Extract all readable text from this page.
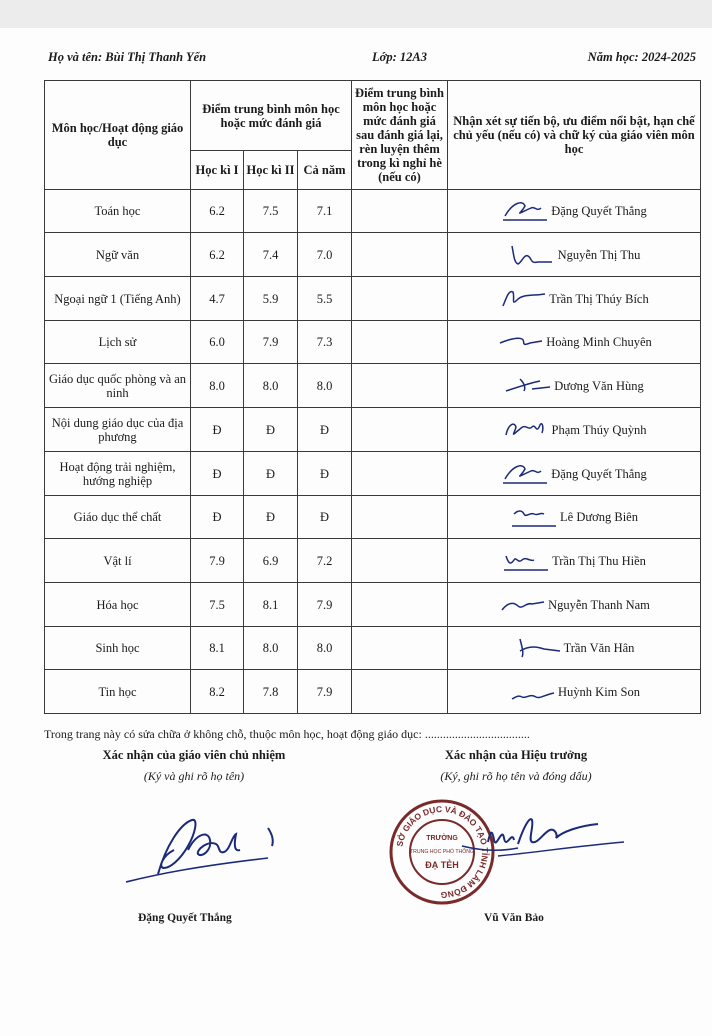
Họ và tên: Bùi Thị Thanh Yến	Lớp: 12A3	Năm học: 2024-2025
Môn học/Hoạt động giáo dục	Điểm trung bình môn học hoặc mức đánh giá			Điểm trung bình môn học hoặc mức đánh giá sau đánh giá lại, rèn luyện thêm trong kì nghỉ hè (nếu có)	Nhận xét sự tiến bộ, ưu điểm nổi bật, hạn chế chủ yếu (nếu có) và chữ ký của giáo viên môn học
	Học kì I	Học kì II	Cả năm		
Toán học	6.2	7.5	7.1		Đặng Quyết Thắng
Ngữ văn	6.2	7.4	7.0		Nguyễn Thị Thu
Ngoại ngữ 1 (Tiếng Anh)	4.7	5.9	5.5		Trần Thị Thúy Bích
Lịch sử	6.0	7.9	7.3		Hoàng Minh Chuyên
Giáo dục quốc phòng và an ninh	8.0	8.0	8.0		Dương Văn Hùng
Nội dung giáo dục của địa phương	Đ	Đ	Đ		Phạm Thúy Quỳnh
Hoạt động trải nghiệm, hướng nghiệp	Đ	Đ	Đ		Đặng Quyết Thắng
Giáo dục thể chất	Đ	Đ	Đ		Lê Dương Biên
Vật lí	7.9	6.9	7.2		Trần Thị Thu Hiền
Hóa học	7.5	8.1	7.9		Nguyễn Thanh Nam
Sinh học	8.1	8.0	8.0		Trần Văn Hân
Tin học	8.2	7.8	7.9		Huỳnh Kim Son
Trong trang này có sửa chữa ở không chỗ, thuộc môn học, hoạt động giáo dục: ...................................
Xác nhận của giáo viên chủ nhiệm
(Ký và ghi rõ họ tên)
Xác nhận của Hiệu trưởng
(Ký, ghi rõ họ tên và đóng dấu)
SỞ GIÁO DỤC VÀ ĐÀO TẠO TỈNH LÂM ĐỒNG
TRƯỜNG
TRUNG HỌC PHỔ THÔNG
ĐẠ TẺH
Đặng Quyết Thắng	Vũ Văn Bảo
